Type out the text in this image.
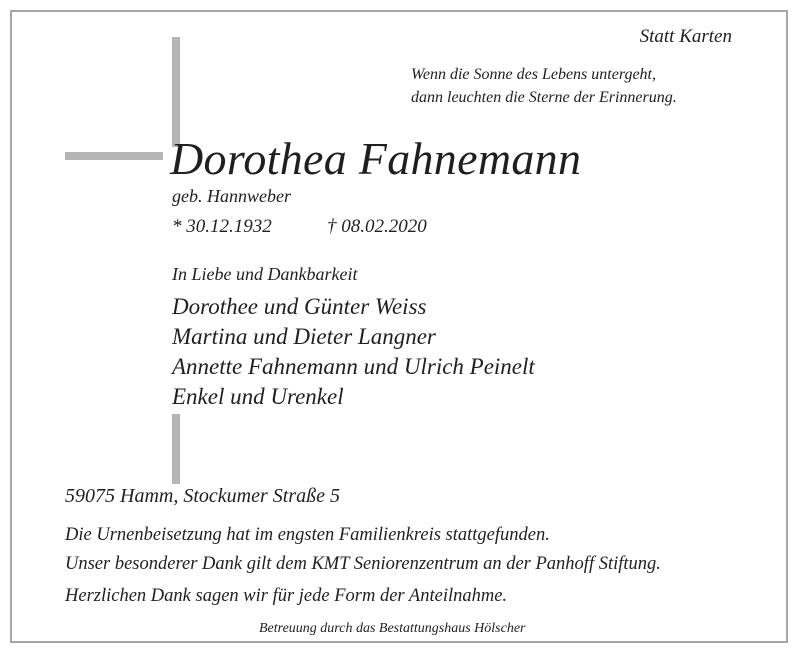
Statt Karten

Wenn die Sonne des Lebens untergeht,

dann leuchten die Sterne der Erinnerung.

Dorothea Fahnemann

geb. Hannweber

* 30.12.1932	† 08.02.2020

In Liebe und Dankbarkeit

Dorothee und Günter Weiss

Martina und Dieter Langner

Annette Fahnemann und Ulrich Peinelt

Enkel und Urenkel

59075 Hamm, Stockumer Straße 5

Die Urnenbeisetzung hat im engsten Familienkreis stattgefunden.

Unser besonderer Dank gilt dem KMT Seniorenzentrum an der Panhoff Stiftung.

Herzlichen Dank sagen wir für jede Form der Anteilnahme.

Betreuung durch das Bestattungshaus Hölscher
